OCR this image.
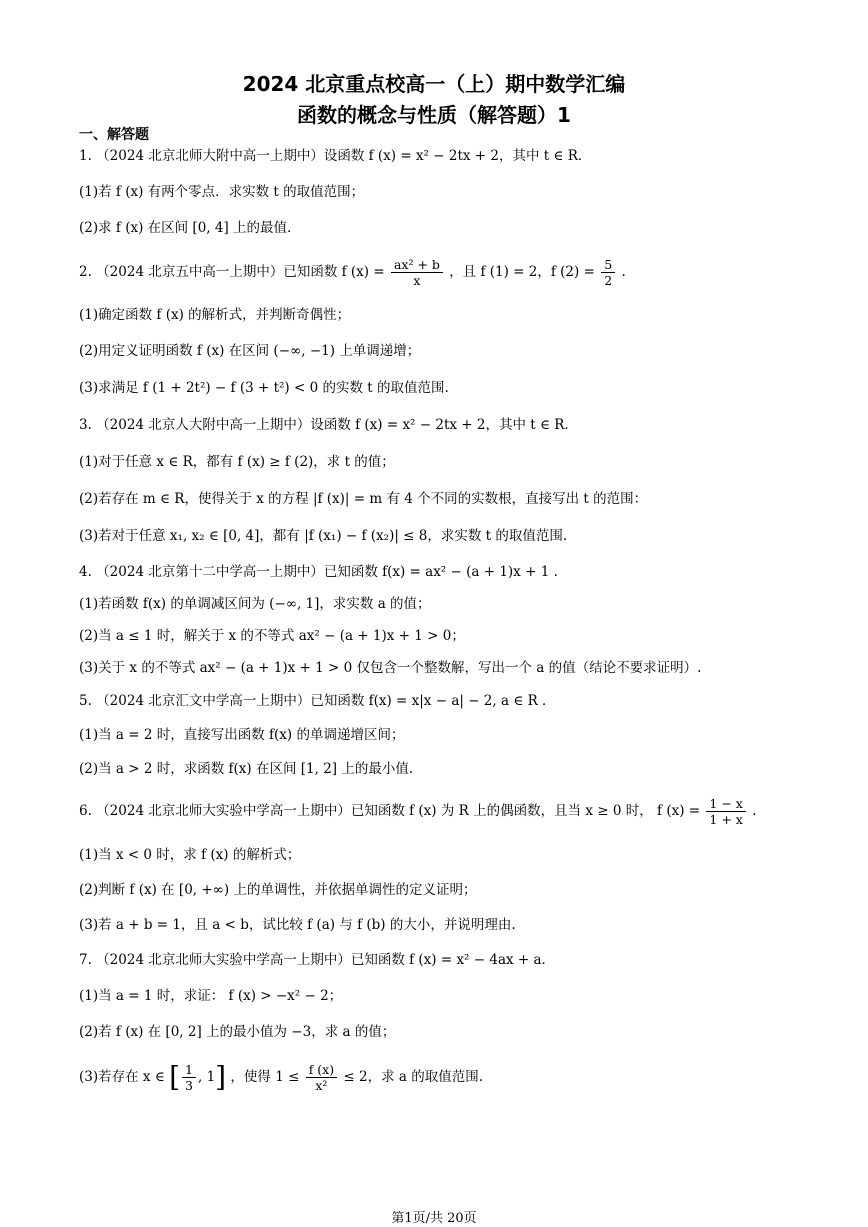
2024 北京重点校高一（上）期中数学汇编
函数的概念与性质（解答题）1
一、解答题
1. （2024 北京北师大附中高一上期中）设函数 f (x) = x² − 2tx + 2，其中 t ∈ R．
(1)若 f (x) 有两个零点．求实数 t 的取值范围；
(2)求 f (x) 在区间 [0, 4] 上的最值.
2. （2024 北京五中高一上期中）已知函数 f $(x) = \frac{\text{ax² + b}}{x}$ ，且 f (1) = 2，f $(2) = \frac{5}{2}$ .
(1)确定函数 f (x) 的解析式，并判断奇偶性；
(2)用定义证明函数 f (x) 在区间 (−∞, −1) 上单调递增；
(3)求满足 f (1 + 2t²) − f (3 + t²) < 0 的实数 t 的取值范围.
3. （2024 北京人大附中高一上期中）设函数 f (x) = x² − 2tx + 2，其中 t ∈ R．
(1)对于任意 x ∈ R，都有 f (x) ≥ f (2)，求 t 的值；
(2)若存在 m ∈ R，使得关于 x 的方程 |f (x)| = m 有 4 个不同的实数根，直接写出 t 的范围：
(3)若对于任意 x₁, x₂ ∈ [0, 4]，都有 |f (x₁) − f (x₂)| ≤ 8，求实数 t 的取值范围.
4. （2024 北京第十二中学高一上期中）已知函数 f(x) = ax² − (a + 1)x + 1 .
(1)若函数 f(x) 的单调减区间为 (−∞, 1]，求实数 a 的值；
(2)当 a ≤ 1 时，解关于 x 的不等式 ax² − (a + 1)x + 1 > 0；
(3)关于 x 的不等式 ax² − (a + 1)x + 1 > 0 仅包含一个整数解，写出一个 a 的值（结论不要求证明）.
5. （2024 北京汇文中学高一上期中）已知函数 f(x) = x|x − a| − 2, a ∈ R ．
(1)当 a = 2 时，直接写出函数 f(x) 的单调递增区间；
(2)当 a > 2 时，求函数 f(x) 在区间 [1, 2] 上的最小值.
6. （2024 北京北师大实验中学高一上期中）已知函数 f (x) 为 R 上的偶函数，且当 x ≥ 0 时， f $(x) = \frac{1 - x}{1 + x}$ .
(1)当 x < 0 时，求 f (x) 的解析式；
(2)判断 f (x) 在 [0, +∞) 上的单调性，并依据单调性的定义证明；
(3)若 a + b = 1，且 a < b，试比较 f (a) 与 f (b) 的大小，并说明理由.
7. （2024 北京北师大实验中学高一上期中）已知函数 f (x) = x² − 4ax + a．
(1)当 a = 1 时，求证： f (x) > −x² − 2；
(2)若 f (x) 在 [0, 2] 上的最小值为 −3，求 a 的值；
(3)若存在 x ∈ [ $\frac{1}{3}$ , 1] ，使得 $1 \le \frac{f (x)}{\text{x²}} \le 2$，求 a 的取值范围.
第1页/共 20页
